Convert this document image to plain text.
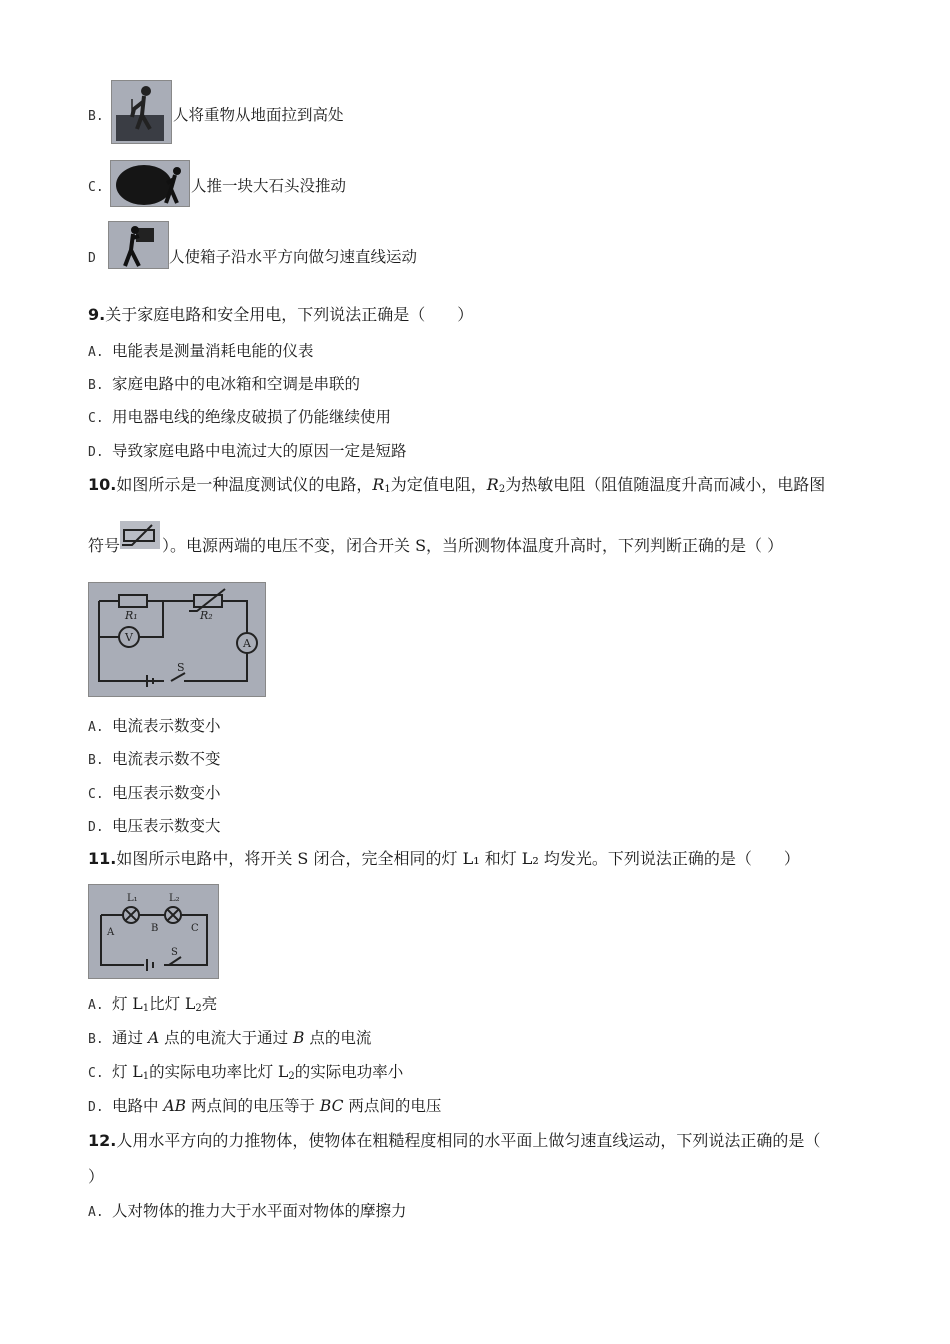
B.	人将重物从地面拉到高处
C.	人推一块大石头没推动
D	人使箱子沿水平方向做匀速直线运动
9.关于家庭电路和安全用电，下列说法正确是（　　）
A. 电能表是测量消耗电能的仪表
B. 家庭电路中的电冰箱和空调是串联的
C. 用电器电线的绝缘皮破损了仍能继续使用
D. 导致家庭电路中电流过大的原因一定是短路
10.如图所示是一种温度测试仪的电路，$R_1$为定值电阻，$R_2$为热敏电阻（阻值随温度升高而减小，电路图
符号	）。电源两端的电压不变，闭合开关 S，当所测物体温度升高时，下列判断正确的是（ ）
R₁	R₂
V	A
S
A. 电流表示数变小
B. 电流表示数不变
C. 电压表示数变小
D. 电压表示数变大
11.如图所示电路中，将开关 S 闭合，完全相同的灯 L₁ 和灯 L₂ 均发光。下列说法正确的是（　　）
L₁	L₂
A	B	C
S
A. 灯 $L_1$比灯 $L_2$亮
B. 通过 A 点的电流大于通过 B 点的电流
C. 灯 $L_1$的实际电功率比灯 $L_2$的实际电功率小
D. 电路中 AB 两点间的电压等于 BC 两点间的电压
12.人用水平方向的力推物体，使物体在粗糙程度相同的水平面上做匀速直线运动，下列说法正确的是（
）
A. 人对物体的推力大于水平面对物体的摩擦力
